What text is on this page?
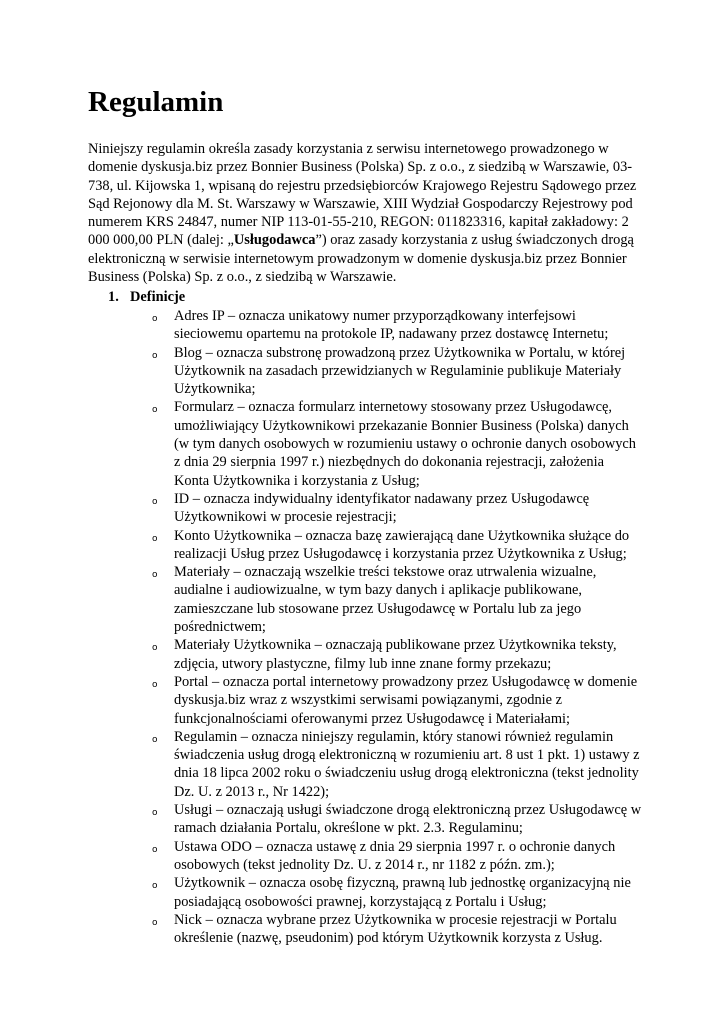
Regulamin

Niniejszy regulamin określa zasady korzystania z serwisu internetowego prowadzonego w domenie dyskusja.biz przez Bonnier Business (Polska) Sp. z o.o., z siedzibą w Warszawie, 03-738, ul. Kijowska 1, wpisaną do rejestru przedsiębiorców Krajowego Rejestru Sądowego przez Sąd Rejonowy dla M. St. Warszawy w Warszawie, XIII Wydział Gospodarczy Rejestrowy pod numerem KRS 24847, numer NIP 113-01-55-210, REGON: 011823316, kapitał zakładowy: 2 000 000,00 PLN (dalej: „Usługodawca”) oraz zasady korzystania z usług świadczonych drogą elektroniczną w serwisie internetowym prowadzonym w domenie dyskusja.biz przez Bonnier Business (Polska) Sp. z o.o., z siedzibą w Warszawie.

1. Definicje
o Adres IP – oznacza unikatowy numer przyporządkowany interfejsowi sieciowemu opartemu na protokole IP, nadawany przez dostawcę Internetu;
o Blog – oznacza substronę prowadzoną przez Użytkownika w Portalu, w której Użytkownik na zasadach przewidzianych w Regulaminie publikuje Materiały Użytkownika;
o Formularz – oznacza formularz internetowy stosowany przez Usługodawcę, umożliwiający Użytkownikowi przekazanie Bonnier Business (Polska) danych (w tym danych osobowych w rozumieniu ustawy o ochronie danych osobowych z dnia 29 sierpnia 1997 r.) niezbędnych do dokonania rejestracji, założenia Konta Użytkownika i korzystania z Usług;
o ID – oznacza indywidualny identyfikator nadawany przez Usługodawcę Użytkownikowi w procesie rejestracji;
o Konto Użytkownika – oznacza bazę zawierającą dane Użytkownika służące do realizacji Usług przez Usługodawcę i korzystania przez Użytkownika z Usług;
o Materiały – oznaczają wszelkie treści tekstowe oraz utrwalenia wizualne, audialne i audiowizualne, w tym bazy danych i aplikacje publikowane, zamieszczane lub stosowane przez Usługodawcę w Portalu lub za jego pośrednictwem;
o Materiały Użytkownika – oznaczają publikowane przez Użytkownika teksty, zdjęcia, utwory plastyczne, filmy lub inne znane formy przekazu;
o Portal – oznacza portal internetowy prowadzony przez Usługodawcę w domenie dyskusja.biz wraz z wszystkimi serwisami powiązanymi, zgodnie z funkcjonalnościami oferowanymi przez Usługodawcę i Materiałami;
o Regulamin – oznacza niniejszy regulamin, który stanowi również regulamin świadczenia usług drogą elektroniczną w rozumieniu art. 8 ust 1 pkt. 1) ustawy z dnia 18 lipca 2002 roku o świadczeniu usług drogą elektroniczna (tekst jednolity Dz. U. z 2013 r., Nr 1422);
o Usługi – oznaczają usługi świadczone drogą elektroniczną przez Usługodawcę w ramach działania Portalu, określone w pkt. 2.3. Regulaminu;
o Ustawa ODO – oznacza ustawę z dnia 29 sierpnia 1997 r. o ochronie danych osobowych (tekst jednolity Dz. U. z 2014 r., nr 1182 z późn. zm.);
o Użytkownik – oznacza osobę fizyczną, prawną lub jednostkę organizacyjną nie posiadającą osobowości prawnej, korzystającą z Portalu i Usług;
o Nick – oznacza wybrane przez Użytkownika w procesie rejestracji w Portalu określenie (nazwę, pseudonim) pod którym Użytkownik korzysta z Usług.
